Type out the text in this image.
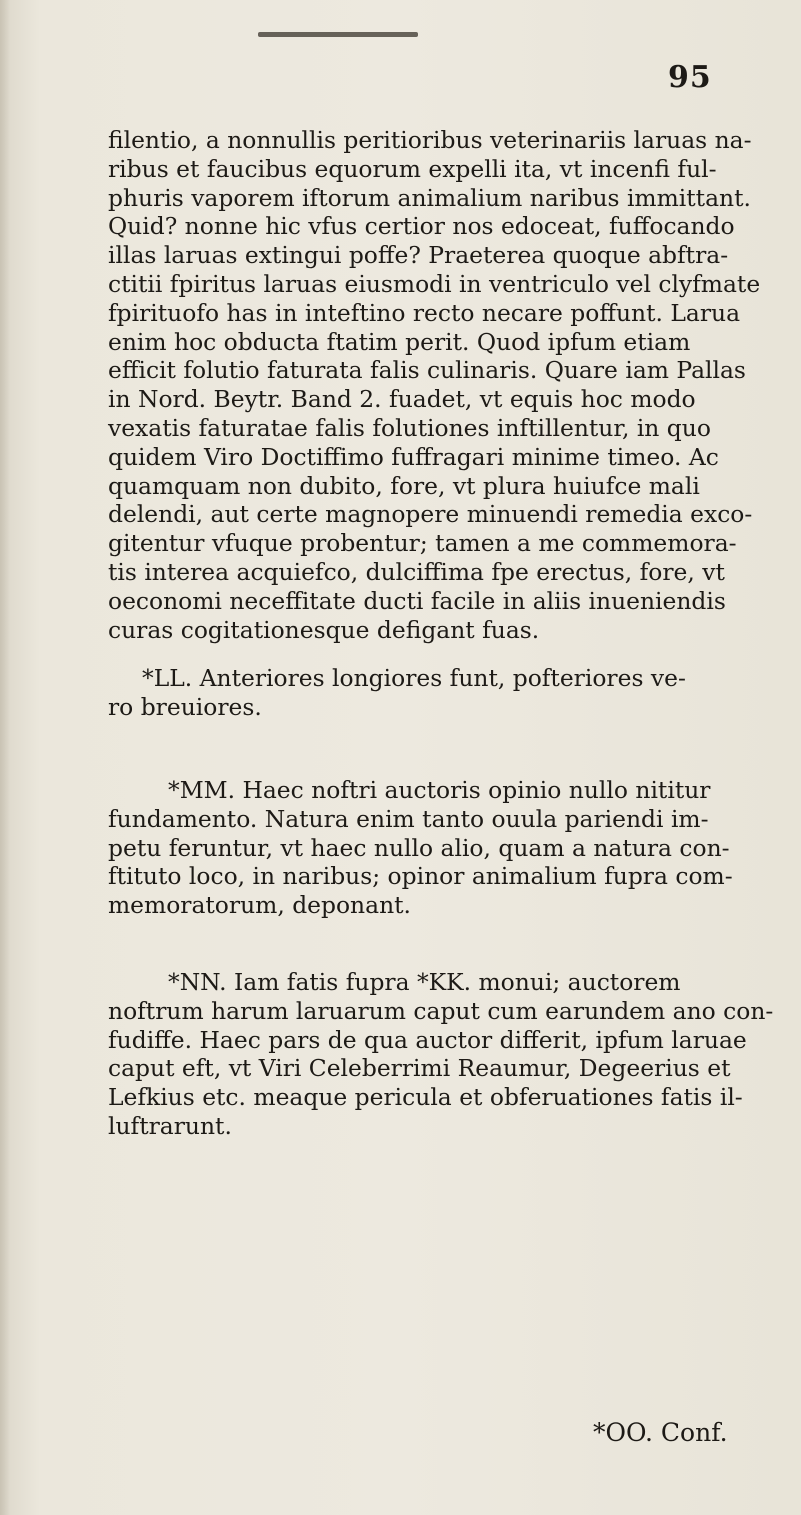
95
filentio, a nonnullis peritioribus veterinariis laruas na-
ribus et faucibus equorum expelli ita, vt incenfi ful-
phuris vaporem iftorum animalium naribus immittant.
Quid? nonne hic vfus certior nos edoceat, fuffocando
illas laruas extingui poffe? Praeterea quoque abftra-
ctitii fpiritus laruas eiusmodi in ventriculo vel clyfmate
fpirituofo has in inteftino recto necare poffunt. Larua
enim hoc obducta ftatim perit. Quod ipfum etiam
efficit folutio faturata falis culinaris. Quare iam Pallas
in Nord. Beytr. Band 2. fuadet, vt equis hoc modo
vexatis faturatae falis folutiones inftillentur, in quo
quidem Viro Doctiffimo fuffragari minime timeo. Ac
quamquam non dubito, fore, vt plura huiufce mali
delendi, aut certe magnopere minuendi remedia exco-
gitentur vfuque probentur; tamen a me commemora-
tis interea acquiefco, dulciffima fpe erectus, fore, vt
oeconomi neceffitate ducti facile in aliis inueniendis
curas cogitationesque defigant fuas.
*LL. Anteriores longiores funt, pofteriores ve-
ro breuiores.
*MM. Haec noftri auctoris opinio nullo nititur
fundamento. Natura enim tanto ouula pariendi im-
petu feruntur, vt haec nullo alio, quam a natura con-
ftituto loco, in naribus; opinor animalium fupra com-
memoratorum, deponant.
*NN. Iam fatis fupra *KK. monui; auctorem
noftrum harum laruarum caput cum earundem ano con-
fudiffe. Haec pars de qua auctor differit, ipfum laruae
caput eft, vt Viri Celeberrimi Reaumur, Degeerius et
Lefkius etc. meaque pericula et obferuationes fatis il-
luftrarunt.
*OO. Conf.
